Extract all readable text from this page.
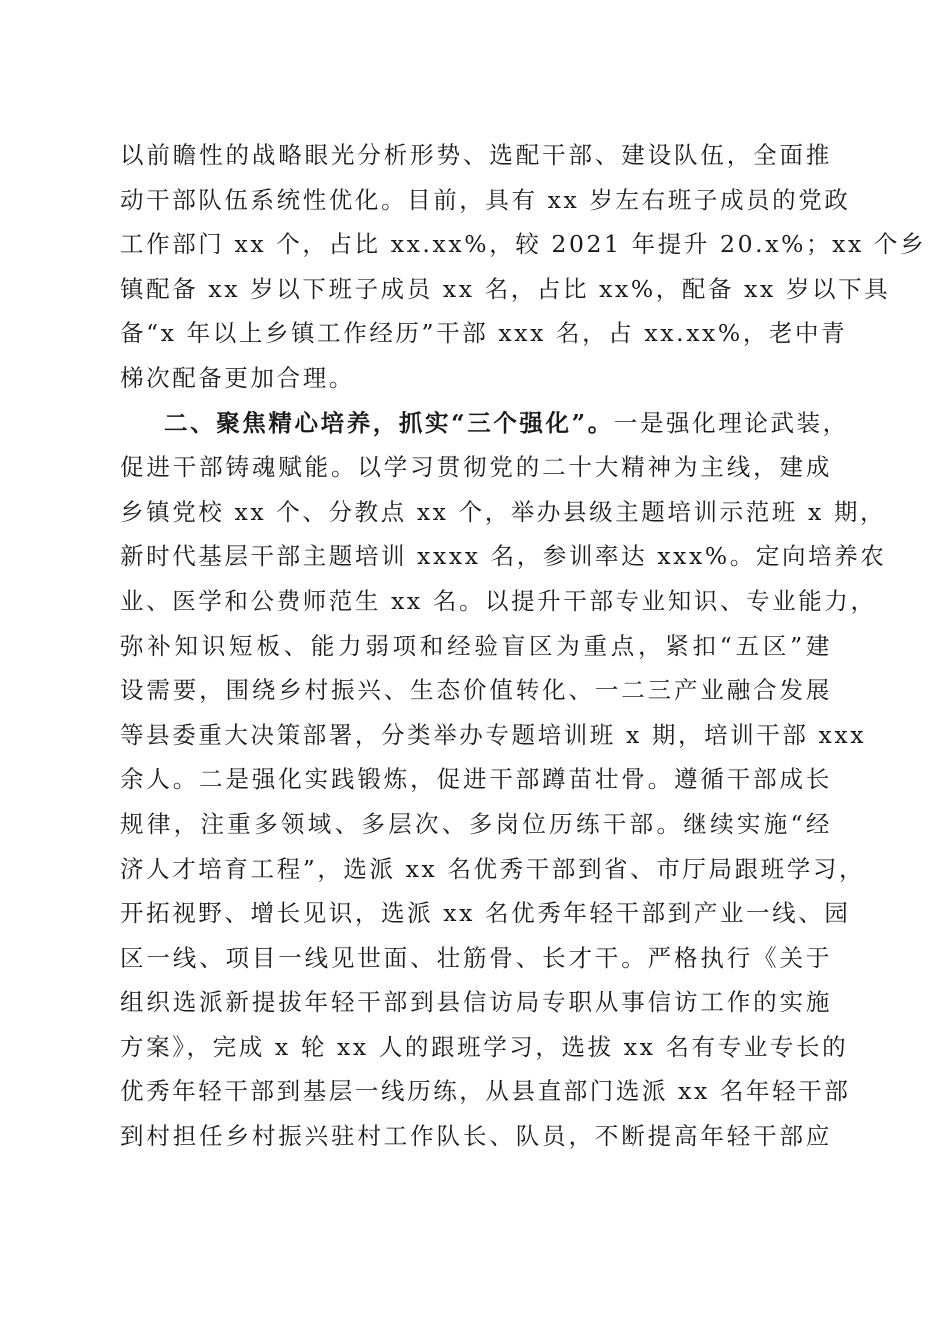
以前瞻性的战略眼光分析形势、选配干部、建设队伍，全面推
动干部队伍系统性优化。目前，具有 xx 岁左右班子成员的党政
工作部门 xx 个，占比 xx.xx%，较 2021 年提升 20.x%；xx 个乡
镇配备 xx 岁以下班子成员 xx 名，占比 xx%，配备 xx 岁以下具
备“x 年以上乡镇工作经历”干部 xxx 名，占 xx.xx%，老中青
梯次配备更加合理。
二、聚焦精心培养，抓实“三个强化”。一是强化理论武装，
促进干部铸魂赋能。以学习贯彻党的二十大精神为主线，建成
乡镇党校 xx 个、分教点 xx 个，举办县级主题培训示范班 x 期，
新时代基层干部主题培训 xxxx 名，参训率达 xxx%。定向培养农
业、医学和公费师范生 xx 名。以提升干部专业知识、专业能力，
弥补知识短板、能力弱项和经验盲区为重点，紧扣“五区”建
设需要，围绕乡村振兴、生态价值转化、一二三产业融合发展
等县委重大决策部署，分类举办专题培训班 x 期，培训干部 xxx
余人。二是强化实践锻炼，促进干部蹲苗壮骨。遵循干部成长
规律，注重多领域、多层次、多岗位历练干部。继续实施“经
济人才培育工程”，选派 xx 名优秀干部到省、市厅局跟班学习，
开拓视野、增长见识，选派 xx 名优秀年轻干部到产业一线、园
区一线、项目一线见世面、壮筋骨、长才干。严格执行《关于
组织选派新提拔年轻干部到县信访局专职从事信访工作的实施
方案》，完成 x 轮 xx 人的跟班学习，选拔 xx 名有专业专长的
优秀年轻干部到基层一线历练，从县直部门选派 xx 名年轻干部
到村担任乡村振兴驻村工作队长、队员，不断提高年轻干部应
